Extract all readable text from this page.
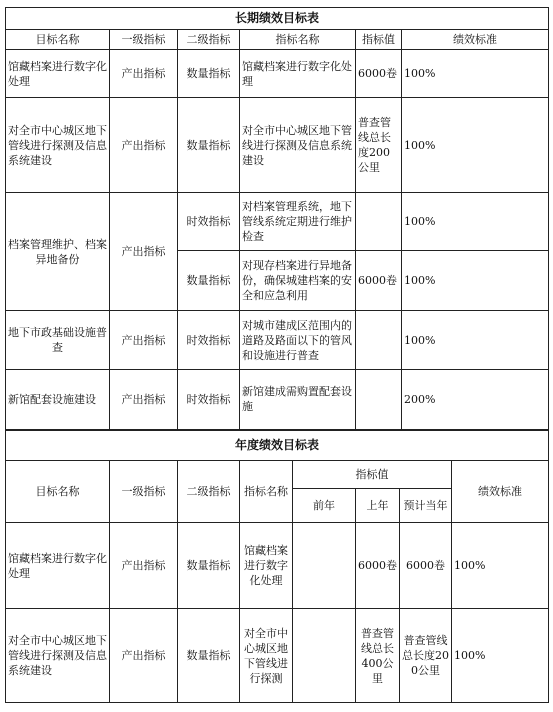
长期绩效目标表					
目标名称	一级指标	二级指标	指标名称	指标值	绩效标准
馆藏档案进行数字化处理	产出指标	数量指标	馆藏档案进行数字化处理	6000卷	100%
对全市中心城区地下管线进行探测及信息系统建设	产出指标	数量指标	对全市中心城区地下管线进行探测及信息系统建设	普查管线总长度200公里	100%
档案管理维护、档案异地备份	产出指标	时效指标	对档案管理系统，地下管线系统定期进行维护检查		100%
		数量指标	对现存档案进行异地备份，确保城建档案的安全和应急利用	6000卷	100%
地下市政基础设施普查	产出指标	时效指标	对城市建成区范围内的道路及路面以下的管风和设施进行普查		100%
新馆配套设施建设	产出指标	时效指标	新馆建成需购置配套设施		200%
年度绩效目标表							
目标名称	一级指标	二级指标	指标名称	指标值			绩效标准
				前年	上年	预计当年	
馆藏档案进行数字化处理	产出指标	数量指标	馆藏档案进行数字化处理		6000卷	6000卷	100%
对全市中心城区地下管线进行探测及信息系统建设	产出指标	数量指标	对全市中心城区地下管线进行探测		普查管线总长400公里	普查管线总长度200公里	100%
